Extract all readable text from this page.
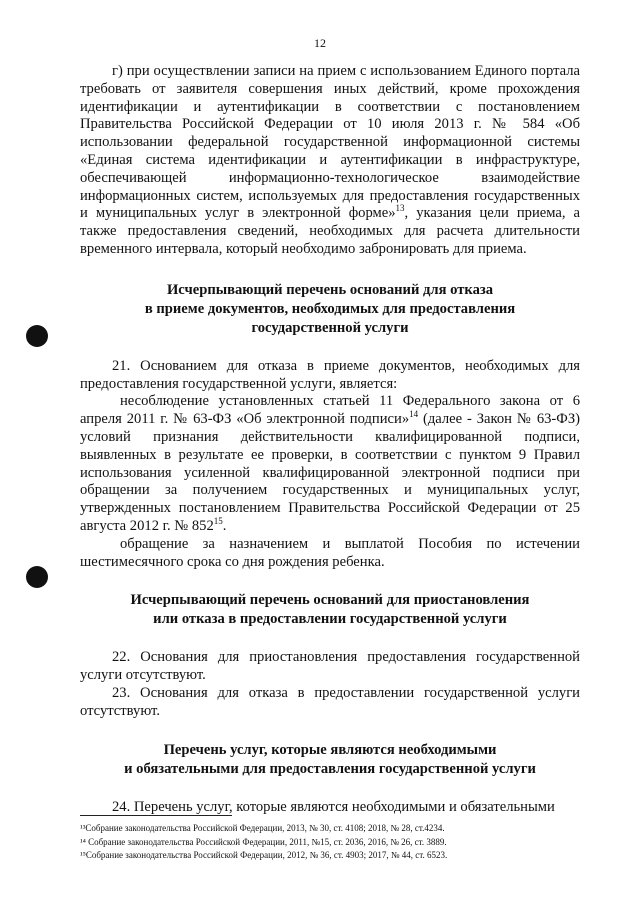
12

г) при осуществлении записи на прием с использованием Единого портала требовать от заявителя совершения иных действий, кроме прохождения идентификации и аутентификации в соответствии с постановлением Правительства Российской Федерации от 10 июля 2013 г. № 584 «Об использовании федеральной государственной информационной системы «Единая система идентификации и аутентификации в инфраструктуре, обеспечивающей информационно-технологическое взаимодействие информационных систем, используемых для предоставления государственных и муниципальных услуг в электронной форме»$^{13}$, указания цели приема, а также предоставления сведений, необходимых для расчета длительности временного интервала, который необходимо забронировать для приема.

Исчерпывающий перечень оснований для отказа
в приеме документов, необходимых для предоставления
государственной услуги

21. Основанием для отказа в приеме документов, необходимых для предоставления государственной услуги, является:

несоблюдение установленных статьей 11 Федерального закона от 6 апреля 2011 г. № 63-ФЗ «Об электронной подписи»$^{14}$ (далее - Закон № 63-ФЗ) условий признания действительности квалифицированной подписи, выявленных в результате ее проверки, в соответствии с пунктом 9 Правил использования усиленной квалифицированной электронной подписи при обращении за получением государственных и муниципальных услуг, утвержденных постановлением Правительства Российской Федерации от 25 августа 2012 г. № $852^{15}$.

обращение за назначением и выплатой Пособия по истечении шестимесячного срока со дня рождения ребенка.

Исчерпывающий перечень оснований для приостановления
или отказа в предоставлении государственной услуги

22. Основания для приостановления предоставления государственной услуги отсутствуют.

23. Основания для отказа в предоставлении государственной услуги отсутствуют.

Перечень услуг, которые являются необходимыми
и обязательными для предоставления государственной услуги

24. Перечень услуг, которые являются необходимыми и обязательными

¹³Собрание законодательства Российской Федерации, 2013, № 30, ст. 4108; 2018, № 28, ст.4234.
¹⁴ Собрание законодательства Российской Федерации, 2011, №15, ст. 2036, 2016, № 26, ст. 3889.
¹⁵Собрание законодательства Российской Федерации, 2012, № 36, ст. 4903; 2017, № 44, ст. 6523.
